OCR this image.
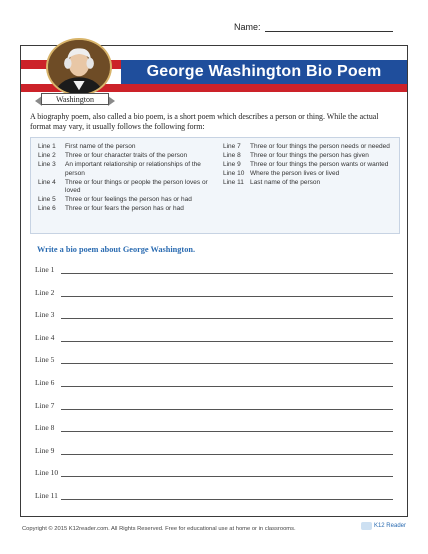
Name:
George Washington Bio Poem
Washington

A biography poem, also called a bio poem, is a short poem which describes a person or thing. While the actual format may vary, it usually follows the following form:

Line 1	First name of the person
Line 2	Three or four character traits of the person
Line 3	An important relationship or relationships of the person
Line 4	Three or four things or people the person loves or loved
Line 5	Three or four feelings the person has or had
Line 6	Three or four fears the person has or had
Line 7	Three or four things the person needs or needed
Line 8	Three or four things the person has given
Line 9	Three or four things the person wants or wanted
Line 10 Where the person lives or lived
Line 11 Last name of the person
Write a bio poem about George Washington.
Line 1
Line 2
Line 3
Line 4
Line 5
Line 6
Line 7
Line 8
Line 9
Line 10
Line 11
Copyright © 2015 K12reader.com. All Rights Reserved. Free for educational use at home or in classrooms.	K12 Reader
